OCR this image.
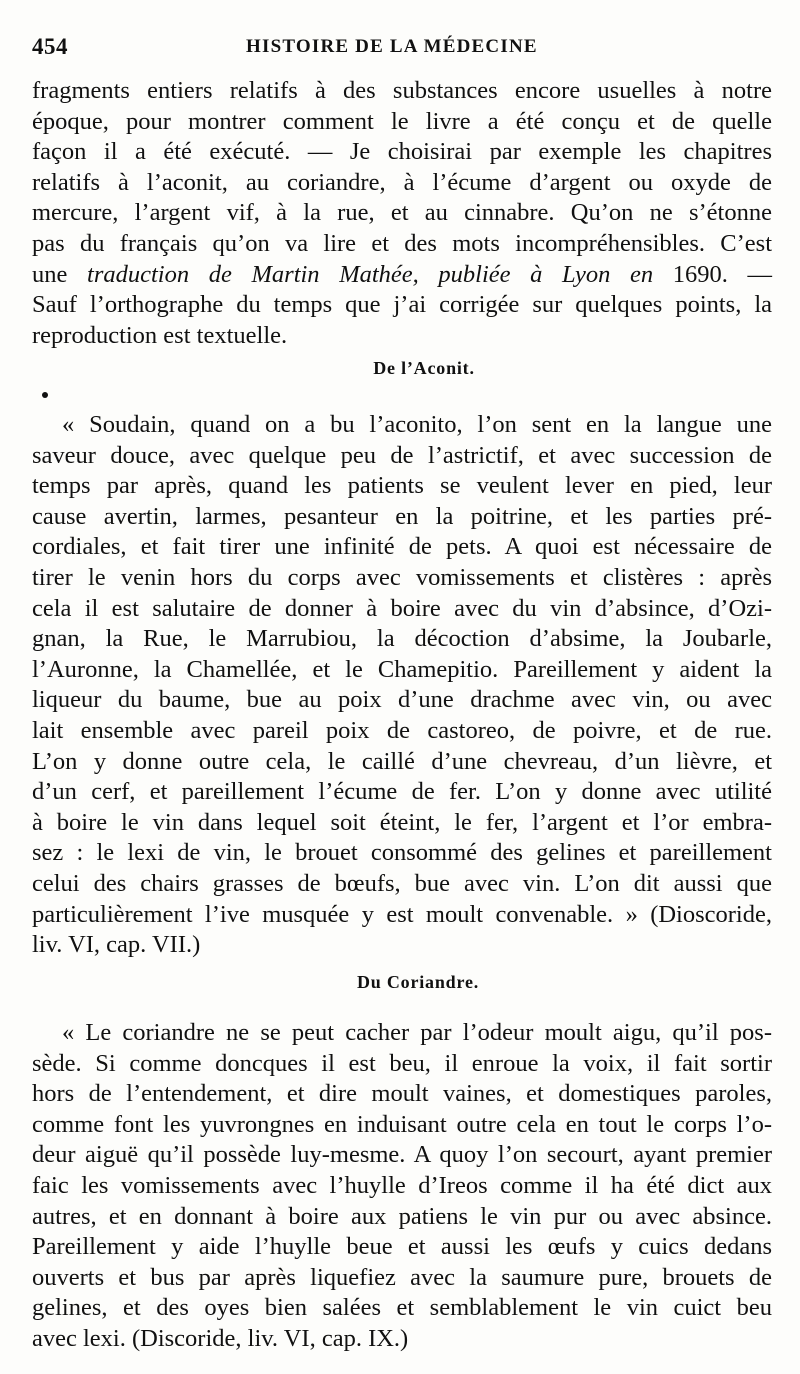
454	HISTOIRE DE LA MÉDECINE
fragments entiers relatifs à des substances encore usuelles à notre
époque, pour montrer comment le livre a été conçu et de quelle
façon il a été exécuté. — Je choisirai par exemple les chapitres
relatifs à l’aconit, au coriandre, à l’écume d’argent ou oxyde de
mercure, l’argent vif, à la rue, et au cinnabre. Qu’on ne s’étonne
pas du français qu’on va lire et des mots incompréhensibles. C’est
une traduction de Martin Mathée, publiée à Lyon en 1690. —
Sauf l’orthographe du temps que j’ai corrigée sur quelques points, la
reproduction est textuelle.
De l’Aconit.
« Soudain, quand on a bu l’aconito, l’on sent en la langue une
saveur douce, avec quelque peu de l’astrictif, et avec succession de
temps par après, quand les patients se veulent lever en pied, leur
cause avertin, larmes, pesanteur en la poitrine, et les parties pré-
cordiales, et fait tirer une infinité de pets. A quoi est nécessaire de
tirer le venin hors du corps avec vomissements et clistères : après
cela il est salutaire de donner à boire avec du vin d’absince, d’Ozi-
gnan, la Rue, le Marrubiou, la décoction d’absime, la Joubarle,
l’Auronne, la Chamellée, et le Chamepitio. Pareillement y aident la
liqueur du baume, bue au poix d’une drachme avec vin, ou avec
lait ensemble avec pareil poix de castoreo, de poivre, et de rue.
L’on y donne outre cela, le caillé d’une chevreau, d’un lièvre, et
d’un cerf, et pareillement l’écume de fer. L’on y donne avec utilité
à boire le vin dans lequel soit éteint, le fer, l’argent et l’or embra-
sez : le lexi de vin, le brouet consommé des gelines et pareillement
celui des chairs grasses de bœufs, bue avec vin. L’on dit aussi que
particulièrement l’ive musquée y est moult convenable. » (Dioscoride,
liv. VI, cap. VII.)
Du Coriandre.
« Le coriandre ne se peut cacher par l’odeur moult aigu, qu’il pos-
sède. Si comme doncques il est beu, il enroue la voix, il fait sortir
hors de l’entendement, et dire moult vaines, et domestiques paroles,
comme font les yuvrongnes en induisant outre cela en tout le corps l’o-
deur aiguë qu’il possède luy-mesme. A quoy l’on secourt, ayant premier
faic les vomissements avec l’huylle d’Ireos comme il ha été dict aux
autres, et en donnant à boire aux patiens le vin pur ou avec absince.
Pareillement y aide l’huylle beue et aussi les œufs y cuics dedans
ouverts et bus par après liquefiez avec la saumure pure, brouets de
gelines, et des oyes bien salées et semblablement le vin cuict beu
avec lexi. (Discoride, liv. VI, cap. IX.)
